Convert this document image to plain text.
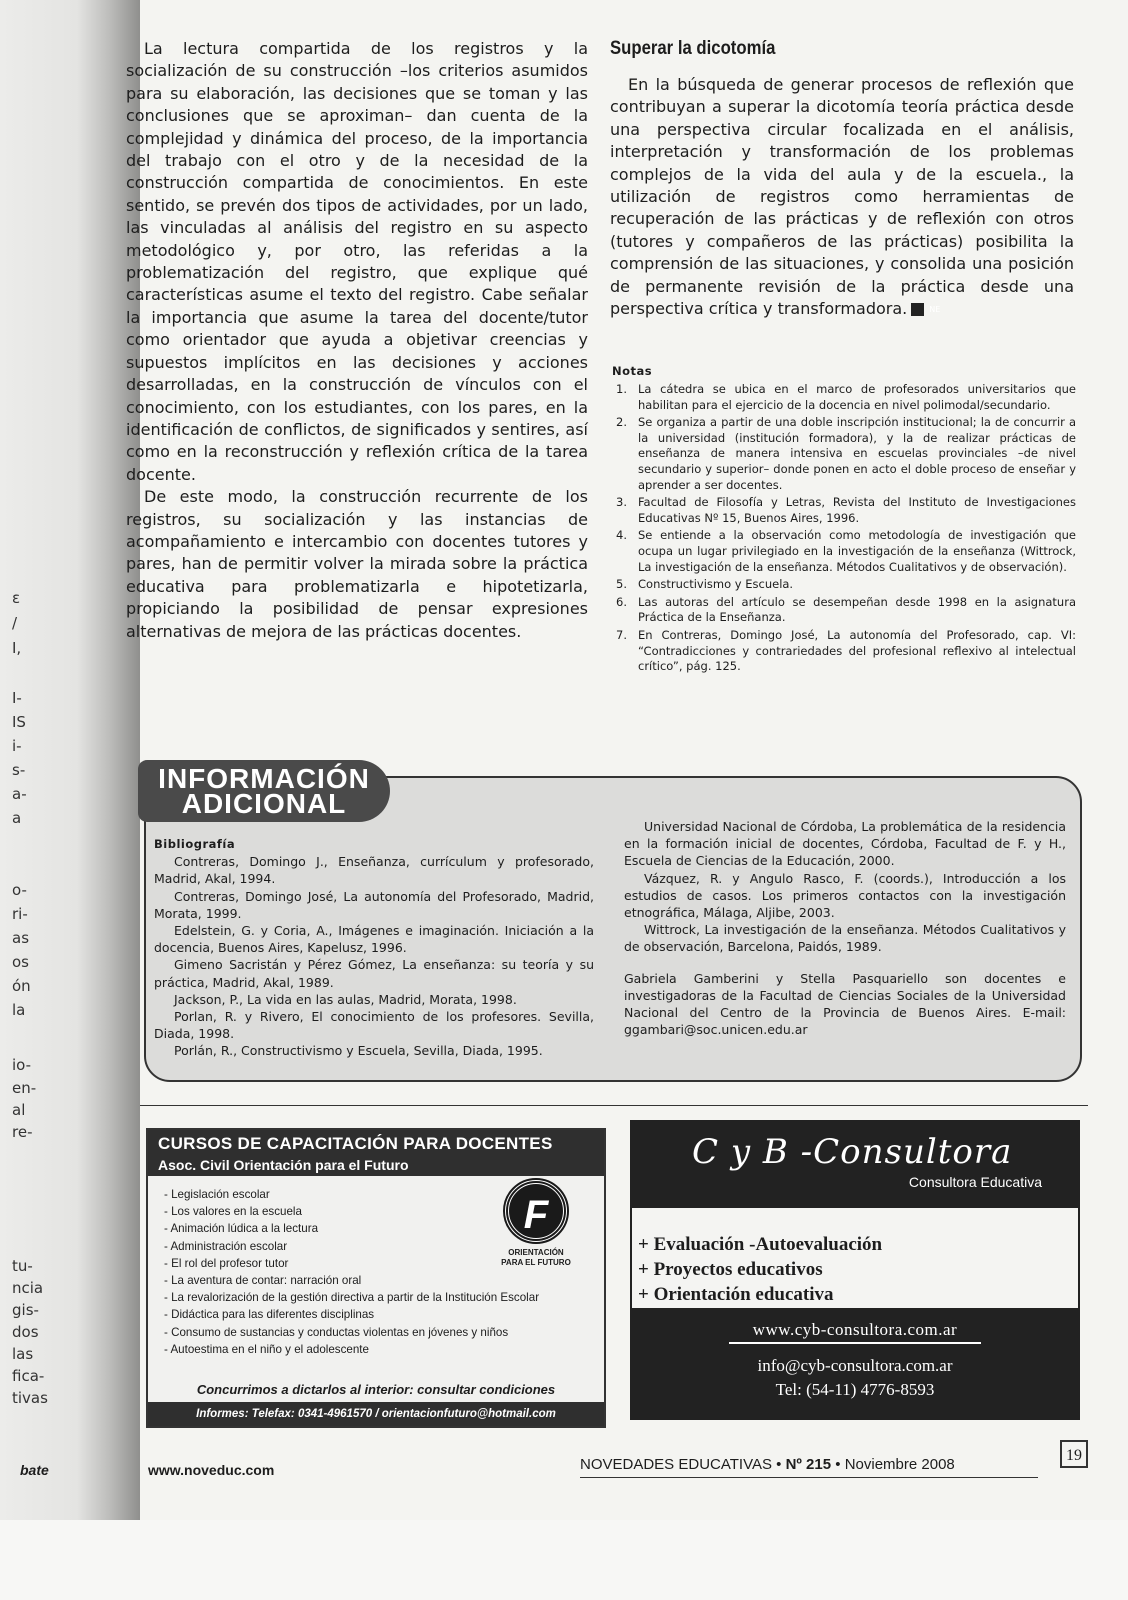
ɛ
/
I,
I-
IS
i-
s-
a-
a
o-
ri-
as
os
ón
la
io-
en-
al
re-
tu-
ncia
gis-
dos
las
fica-
tivas

La lectura compartida de los registros y la socialización de su construcción –los criterios asumidos para su elaboración, las decisiones que se toman y las conclusiones que se aproximan– dan cuenta de la complejidad y dinámica del proceso, de la importancia del trabajo con el otro y de la necesidad de la construcción compartida de conocimientos. En este sentido, se prevén dos tipos de actividades, por un lado, las vinculadas al análisis del registro en su aspecto metodológico y, por otro, las referidas a la problematización del registro, que explique qué características asume el texto del registro. Cabe señalar la importancia que asume la tarea del docente/tutor como orientador que ayuda a objetivar creencias y supuestos implícitos en las decisiones y acciones desarrolladas, en la construcción de vínculos con el conocimiento, con los estudiantes, con los pares, en la identificación de conflictos, de significados y sentires, así como en la reconstrucción y reflexión crítica de la tarea docente.

De este modo, la construcción recurrente de los registros, su socialización y las instancias de acompañamiento e intercambio con docentes tutores y pares, han de permitir volver la mirada sobre la práctica educativa para problematizarla e hipotetizarla, propiciando la posibilidad de pensar expresiones alternativas de mejora de las prácticas docentes.

Superar la dicotomía

En la búsqueda de generar procesos de reflexión que contribuyan a superar la dicotomía teoría práctica desde una perspectiva circular focalizada en el análisis, interpretación y transformación de los problemas complejos de la vida del aula y de la escuela., la utilización de registros como herramientas de recuperación de las prácticas y de reflexión con otros (tutores y compañeros de las prácticas) posibilita la comprensión de las situaciones, y consolida una posición de permanente revisión de la práctica desde una perspectiva crítica y transformadora.	NE

Notas
1. La cátedra se ubica en el marco de profesorados universitarios que habilitan para el ejercicio de la docencia en nivel polimodal/secundario.
2. Se organiza a partir de una doble inscripción institucional; la de concurrir a la universidad (institución formadora), y la de realizar prácticas de enseñanza de manera intensiva en escuelas provinciales –de nivel secundario y superior– donde ponen en acto el doble proceso de enseñar y aprender a ser docentes.
3. Facultad de Filosofía y Letras, Revista del Instituto de Investigaciones Educativas Nº 15, Buenos Aires, 1996.
4. Se entiende a la observación como metodología de investigación que ocupa un lugar privilegiado en la investigación de la enseñanza (Wittrock, La investigación de la enseñanza. Métodos Cualitativos y de observación).
5. Constructivismo y Escuela.
6. Las autoras del artículo se desempeñan desde 1998 en la asignatura Práctica de la Enseñanza.
7. En Contreras, Domingo José, La autonomía del Profesorado, cap. VI: “Contradicciones y contrariedades del profesional reflexivo al intelectual crítico”, pág. 125.
INFORMACIÓN
ADICIONAL
Bibliografía
Contreras, Domingo J., Enseñanza, currículum y profesorado, Madrid, Akal, 1994.
Contreras, Domingo José, La autonomía del Profesorado, Madrid, Morata, 1999.
Edelstein, G. y Coria, A., Imágenes e imaginación. Iniciación a la docencia, Buenos Aires, Kapelusz, 1996.
Gimeno Sacristán y Pérez Gómez, La enseñanza: su teoría y su práctica, Madrid, Akal, 1989.
Jackson, P., La vida en las aulas, Madrid, Morata, 1998.
Porlan, R. y Rivero, El conocimiento de los profesores. Sevilla, Diada, 1998.
Porlán, R., Constructivismo y Escuela, Sevilla, Diada, 1995.
Universidad Nacional de Córdoba, La problemática de la residencia en la formación inicial de docentes, Córdoba, Facultad de F. y H., Escuela de Ciencias de la Educación, 2000.
Vázquez, R. y Angulo Rasco, F. (coords.), Introducción a los estudios de casos. Los primeros contactos con la investigación etnográfica, Málaga, Aljibe, 2003.
Wittrock, La investigación de la enseñanza. Métodos Cualitativos y de observación, Barcelona, Paidós, 1989.
Gabriela Gamberini y Stella Pasquariello son docentes e investigadoras de la Facultad de Ciencias Sociales de la Universidad Nacional del Centro de la Provincia de Buenos Aires. E-mail: ggambari@soc.unicen.edu.ar
CURSOS DE CAPACITACIÓN PARA DOCENTES
Asoc. Civil Orientación para el Futuro
- Legislación escolar
- Los valores en la escuela
- Animación lúdica a la lectura
- Administración escolar
- El rol del profesor tutor
- La aventura de contar: narración oral
- La revalorización de la gestión directiva a partir de la Institución Escolar
- Didáctica para las diferentes disciplinas
- Consumo de sustancias y conductas violentas en jóvenes y niños
- Autoestima en el niño y el adolescente
F
ORIENTACIÓN
PARA EL FUTURO
Concurrimos a dictarlos al interior: consultar condiciones
Informes: Telefax: 0341-4961570 / orientacionfuturo@hotmail.com
C y B -Consultora
Consultora Educativa
+ Evaluación -Autoevaluación
+ Proyectos educativos
+ Orientación educativa
www.cyb-consultora.com.ar
info@cyb-consultora.com.ar
Tel: (54-11) 4776-8593
bate	www.noveduc.com	NOVEDADES EDUCATIVAS • Nº 215 • Noviembre 2008
19
